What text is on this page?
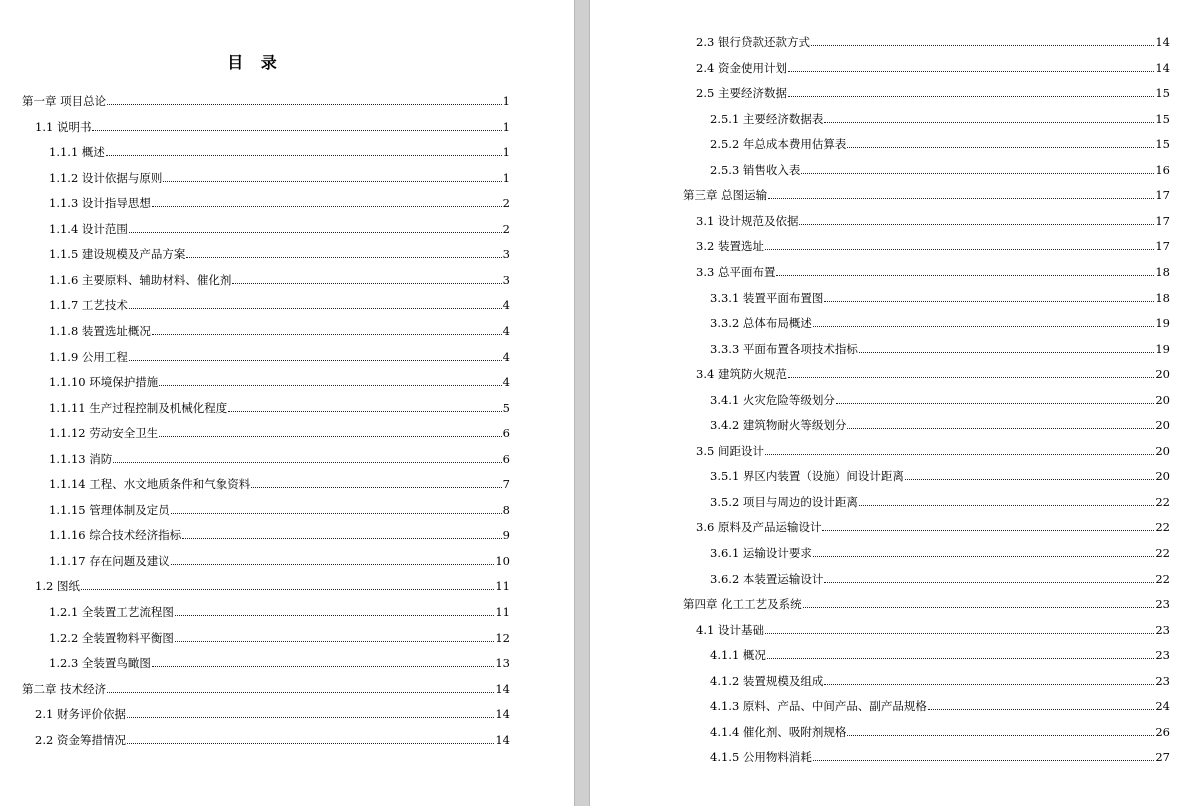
目 录
第一章 项目总论	1
1.1 说明书	1
1.1.1 概述	1
1.1.2 设计依据与原则	1
1.1.3 设计指导思想	2
1.1.4 设计范围	2
1.1.5 建设规模及产品方案	3
1.1.6 主要原料、辅助材料、催化剂	3
1.1.7 工艺技术	4
1.1.8 装置选址概况	4
1.1.9 公用工程	4
1.1.10 环境保护措施	4
1.1.11 生产过程控制及机械化程度	5
1.1.12 劳动安全卫生	6
1.1.13 消防	6
1.1.14 工程、水文地质条件和气象资料	7
1.1.15 管理体制及定员	8
1.1.16 综合技术经济指标	9
1.1.17 存在问题及建议	10
1.2 图纸	11
1.2.1 全装置工艺流程图	11
1.2.2 全装置物料平衡图	12
1.2.3 全装置鸟瞰图	13
第二章 技术经济	14
2.1 财务评价依据	14
2.2 资金筹措情况	14
2.3 银行贷款还款方式	14
2.4 资金使用计划	14
2.5 主要经济数据	15
2.5.1 主要经济数据表	15
2.5.2 年总成本费用估算表	15
2.5.3 销售收入表	16
第三章 总图运输	17
3.1 设计规范及依据	17
3.2 装置选址	17
3.3 总平面布置	18
3.3.1 装置平面布置图	18
3.3.2 总体布局概述	19
3.3.3 平面布置各项技术指标	19
3.4 建筑防火规范	20
3.4.1 火灾危险等级划分	20
3.4.2 建筑物耐火等级划分	20
3.5 间距设计	20
3.5.1 界区内装置（设施）间设计距离	20
3.5.2 项目与周边的设计距离	22
3.6 原料及产品运输设计	22
3.6.1 运输设计要求	22
3.6.2 本装置运输设计	22
第四章 化工工艺及系统	23
4.1 设计基础	23
4.1.1 概况	23
4.1.2 装置规模及组成	23
4.1.3 原料、产品、中间产品、副产品规格	24
4.1.4 催化剂、吸附剂规格	26
4.1.5 公用物料消耗	27
